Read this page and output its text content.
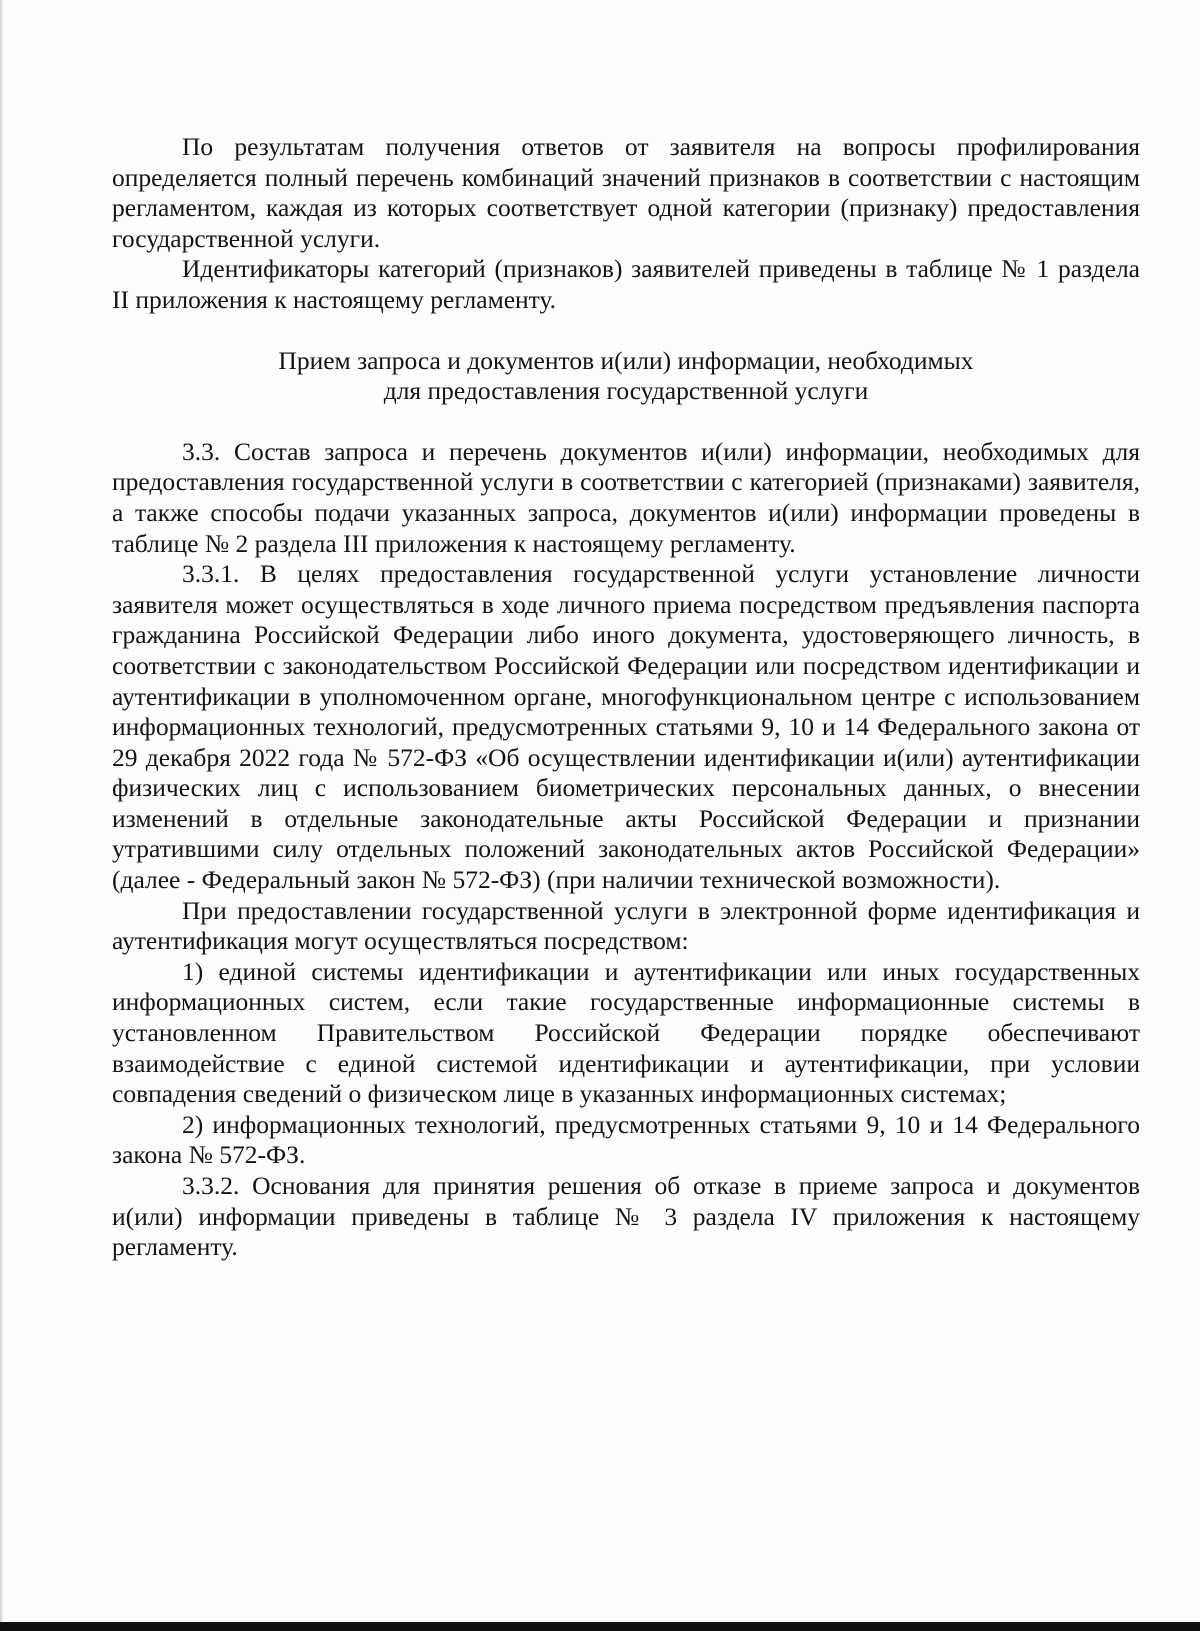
По результатам получения ответов от заявителя на вопросы профилирования определяется полный перечень комбинаций значений признаков в соответствии с настоящим регламентом, каждая из которых соответствует одной категории (признаку) предоставления государственной услуги.

Идентификаторы категорий (признаков) заявителей приведены в таблице № 1 раздела II приложения к настоящему регламенту.

Прием запроса и документов и(или) информации, необходимых
для предоставления государственной услуги

3.3. Состав запроса и перечень документов и(или) информации, необходимых для предоставления государственной услуги в соответствии с категорией (признаками) заявителя, а также способы подачи указанных запроса, документов и(или) информации проведены в таблице № 2 раздела III приложения к настоящему регламенту.

3.3.1. В целях предоставления государственной услуги установление личности заявителя может осуществляться в ходе личного приема посредством предъявления паспорта гражданина Российской Федерации либо иного документа, удостоверяющего личность, в соответствии с законодательством Российской Федерации или посредством идентификации и аутентификации в уполномоченном органе, многофункциональном центре с использованием информационных технологий, предусмотренных статьями 9, 10 и 14 Федерального закона от 29 декабря 2022 года № 572-ФЗ «Об осуществлении идентификации и(или) аутентификации физических лиц с использованием биометрических персональных данных, о внесении изменений в отдельные законодательные акты Российской Федерации и признании утратившими силу отдельных положений законодательных актов Российской Федерации» (далее - Федеральный закон № 572-ФЗ) (при наличии технической возможности).

При предоставлении государственной услуги в электронной форме идентификация и аутентификация могут осуществляться посредством:

1) единой системы идентификации и аутентификации или иных государственных информационных систем, если такие государственные информационные системы в установленном Правительством Российской Федерации порядке обеспечивают взаимодействие с единой системой идентификации и аутентификации, при условии совпадения сведений о физическом лице в указанных информационных системах;

2) информационных технологий, предусмотренных статьями 9, 10 и 14 Федерального закона № 572-ФЗ.

3.3.2. Основания для принятия решения об отказе в приеме запроса и документов и(или) информации приведены в таблице № 3 раздела IV приложения к настоящему регламенту.
